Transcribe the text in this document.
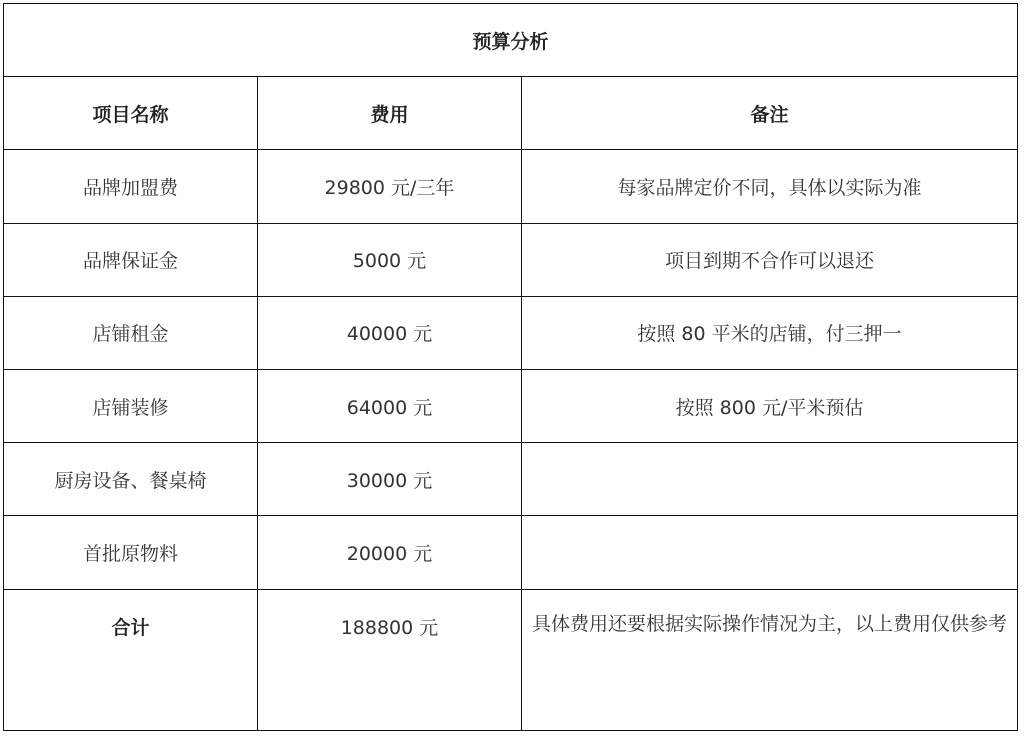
预算分析		
项目名称	费用	备注
品牌加盟费	29800 元/三年	每家品牌定价不同，具体以实际为准
品牌保证金	5000 元	项目到期不合作可以退还
店铺租金	40000 元	按照 80 平米的店铺，付三押一
店铺装修	64000 元	按照 800 元/平米预估
厨房设备、餐桌椅	30000 元	
首批原物料	20000 元	

合计	188800 元	具体费用还要根据实际操作情况为主，以上费用仅供参考
